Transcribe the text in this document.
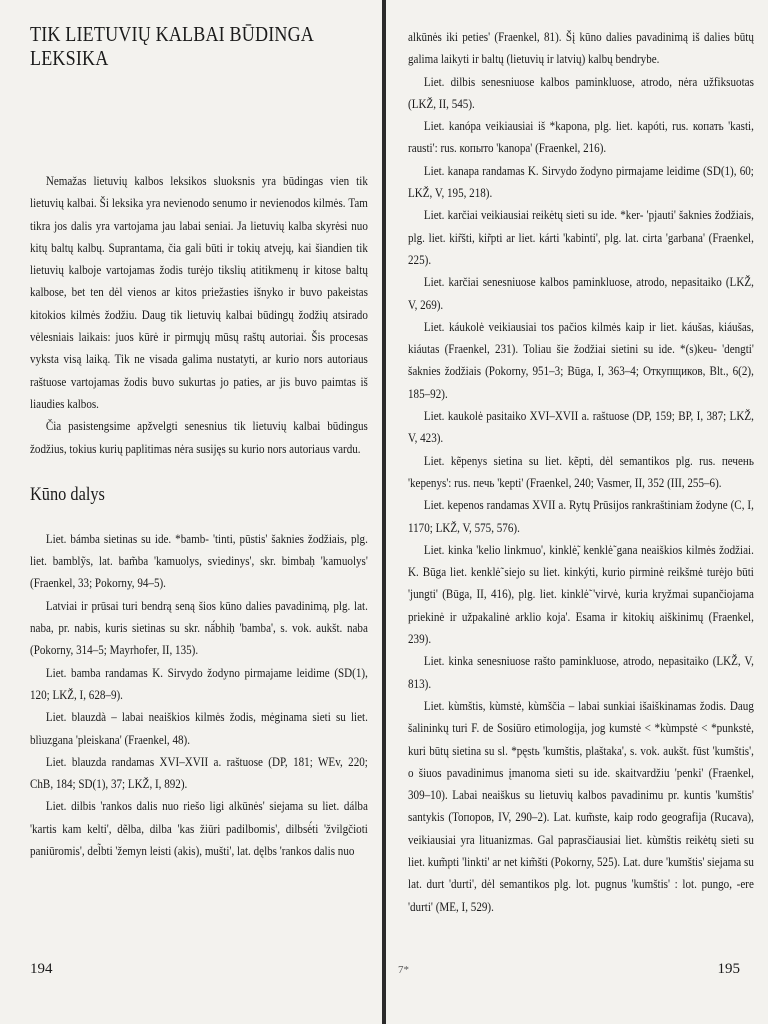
TIK LIETUVIŲ KALBAI BŪDINGA
LEKSIKA

Nemažas lietuvių kalbos leksikos sluoksnis yra būdingas vien tik lietuvių kalbai. Ši leksika yra nevienodo senumo ir nevienodos kilmės. Tam tikra jos dalis yra vartojama jau labai seniai. Ja lietuvių kalba skyrėsi nuo kitų baltų kalbų. Suprantama, čia gali būti ir tokių atvejų, kai šiandien tik lietuvių kalboje vartojamas žodis turėjo tikslių atitikmenų ir kitose baltų kalbose, bet ten dėl vienos ar kitos priežasties išnyko ir buvo pakeistas kitokios kilmės žodžiu. Daug tik lietuvių kalbai būdingų žodžių atsirado vėlesniais laikais: juos kūrė ir pirmųjų mūsų raštų autoriai. Šis procesas vyksta visą laiką. Tik ne visada galima nustatyti, ar kurio nors autoriaus raštuose vartojamas žodis buvo sukurtas jo paties, ar jis buvo paimtas iš liaudies kalbos.

Čia pasistengsime apžvelgti senesnius tik lietuvių kalbai būdingus žodžius, tokius kurių paplitimas nėra susijęs su kurio nors autoriaus vardu.

Kūno dalys

Liet. bámba sietinas su ide. *bamb- 'tinti, pūstis' šaknies žodžiais, plg. liet. bamblỹs, lat. bam̃ba 'kamuolys, sviedinys', skr. bimbaḥ 'kamuolys' (Fraenkel, 33; Pokorny, 94–5).

Latviai ir prūsai turi bendrą seną šios kūno dalies pavadinimą, plg. lat. naba, pr. nabis, kuris sietinas su skr. nā́bhiḥ 'bamba', s. vok. aukšt. naba (Pokorny, 314–5; Mayrhofer, II, 135).

Liet. bamba randamas K. Sirvydo žodyno pirmajame leidime (SD(1), 120; LKŽ, I, 628–9).

Liet. blauzdà – labai neaiškios kilmės žodis, mėginama sieti su liet. blìuzgana 'pleiskana' (Fraenkel, 48).

Liet. blauzda randamas XVI–XVII a. raštuose (DP, 181; WEv, 220; ChB, 184; SD(1), 37; LKŽ, I, 892).

Liet. dilbis 'rankos dalis nuo riešo ligi alkūnės' siejama su liet. dálba 'kartis kam kelti', dẽlba, dilba 'kas žiūri padilbomis', dilbsė́ti 'žvilgčioti paniūromis', del̃bti 'žemyn leisti (akis), mušti', lat. dęlbs 'rankos dalis nuo

194

alkūnės iki peties' (Fraenkel, 81). Šį kūno dalies pavadinimą iš dalies būtų galima laikyti ir baltų (lietuvių ir latvių) kalbų bendrybe.

Liet. dilbis senesniuose kalbos paminkluose, atrodo, nėra užfiksuotas (LKŽ, II, 545).

Liet. kanópa veikiausiai iš *kapona, plg. liet. kapóti, rus. копать 'kasti, rausti': rus. копыто 'kanopa' (Fraenkel, 216).

Liet. kanapa randamas K. Sirvydo žodyno pirmajame leidime (SD(1), 60; LKŽ, V, 195, 218).

Liet. karčiai veikiausiai reikėtų sieti su ide. *ker- 'pjauti' šaknies žodžiais, plg. liet. kir̃šti, kir̃pti ar liet. kárti 'kabinti', plg. lat. cirta 'garbana' (Fraenkel, 225).

Liet. karčiai senesniuose kalbos paminkluose, atrodo, nepasitaiko (LKŽ, V, 269).

Liet. káukolė veikiausiai tos pačios kilmės kaip ir liet. káušas, kiáušas, kiáutas (Fraenkel, 231). Toliau šie žodžiai sietini su ide. *(s)keu- 'dengti' šaknies žodžiais (Pokorny, 951–3; Būga, I, 363–4; Откупщиков, Blt., 6(2), 185–92).

Liet. kaukolė pasitaiko XVI–XVII a. raštuose (DP, 159; BP, I, 387; LKŽ, V, 423).

Liet. kẽpenys sietina su liet. kẽpti, dėl semantikos plg. rus. печень 'kepenys': rus. печь 'kepti' (Fraenkel, 240; Vasmer, II, 352 (III, 255–6).

Liet. kepenos randamas XVII a. Rytų Prūsijos rankraštiniam žodyne (C, I, 1170; LKŽ, V, 575, 576).

Liet. kinka 'kelio linkmuo', kinklė̃, kenklė̃ gana neaiškios kilmės žodžiai. K. Būga liet. kenklė̃ siejo su liet. kinkýti, kurio pirminė reikšmė turėjo būti 'jungti' (Būga, II, 416), plg. liet. kinklė̃ 'virvė, kuria kryžmai supančiojama priekinė ir užpakalinė arklio koja'. Esama ir kitokių aiškinimų (Fraenkel, 239).

Liet. kinka senesniuose rašto paminkluose, atrodo, nepasitaiko (LKŽ, V, 813).

Liet. kùmštis, kùmstė, kùmščia – labai sunkiai išaiškinamas žodis. Daug šalininkų turi F. de Sosiūro etimologija, jog kumstė < *kùmpstė < *punkstė, kuri būtų sietina su sl. *pęstь 'kumštis, plaštaka', s. vok. aukšt. fūst 'kumštis', o šiuos pavadinimus įmanoma sieti su ide. skaitvardžiu 'penki' (Fraenkel, 309–10). Labai neaiškus su lietuvių kalbos pavadinimu pr. kuntis 'kumštis' santykis (Топоров, IV, 290–2). Lat. kum̃ste, kaip rodo geografija (Rucava), veikiausiai yra lituanizmas. Gal paprasčiausiai liet. kùmštis reikėtų sieti su liet. kum̃pti 'linkti' ar net kim̃šti (Pokorny, 525). Lat. dure 'kumštis' siejama su lat. durt 'durti', dėl semantikos plg. lot. pugnus 'kumštis' : lot. pungo, -ere 'durti' (ME, I, 529).

195
7*
